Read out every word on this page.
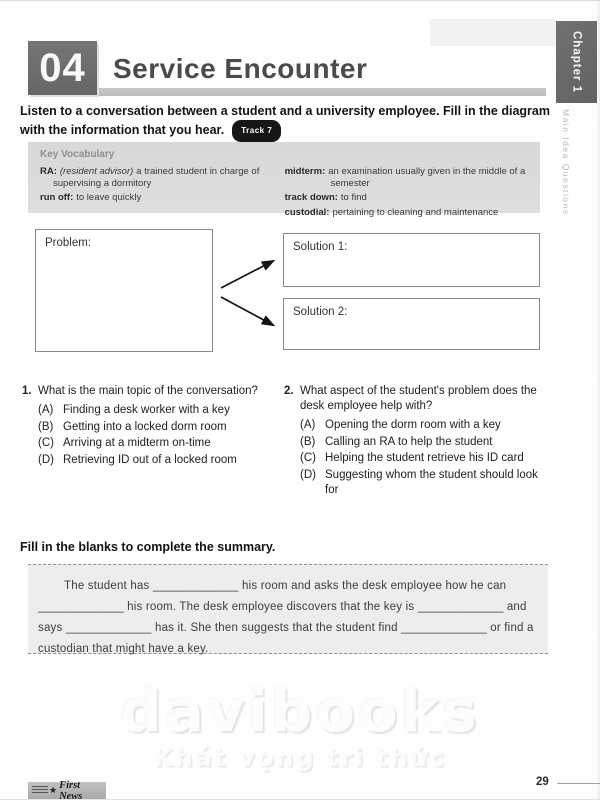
Chapter 1
Main Idea Questions
04 Service Encounter
Listen to a conversation between a student and a university employee. Fill in the diagram
with the information that you hear. Track 7
Key Vocabulary
RA: (resident advisor) a trained student in charge of supervising a dormitory
run off: to leave quickly
midterm: an examination usually given in the middle of a semester
track down: to find
custodial: pertaining to cleaning and maintenance
Problem:	Solution 1:
Solution 2:
1. What is the main topic of the conversation?
(A) Finding a desk worker with a key
(B) Getting into a locked dorm room
(C) Arriving at a midterm on-time
(D) Retrieving ID out of a locked room
2. What aspect of the student's problem does the desk employee help with?
(A) Opening the dorm room with a key
(B) Calling an RA to help the student
(C) Helping the student retrieve his ID card
(D) Suggesting whom the student should look for
Fill in the blanks to complete the summary.
The student has _____________ his room and asks the desk employee how he can
_____________ his room. The desk employee discovers that the key is _____________ and
says _____________ has it. She then suggests that the student find _____________ or find a
custodian that might have a key.
davibooks
Khát vọng tri thức
★ First News
29
